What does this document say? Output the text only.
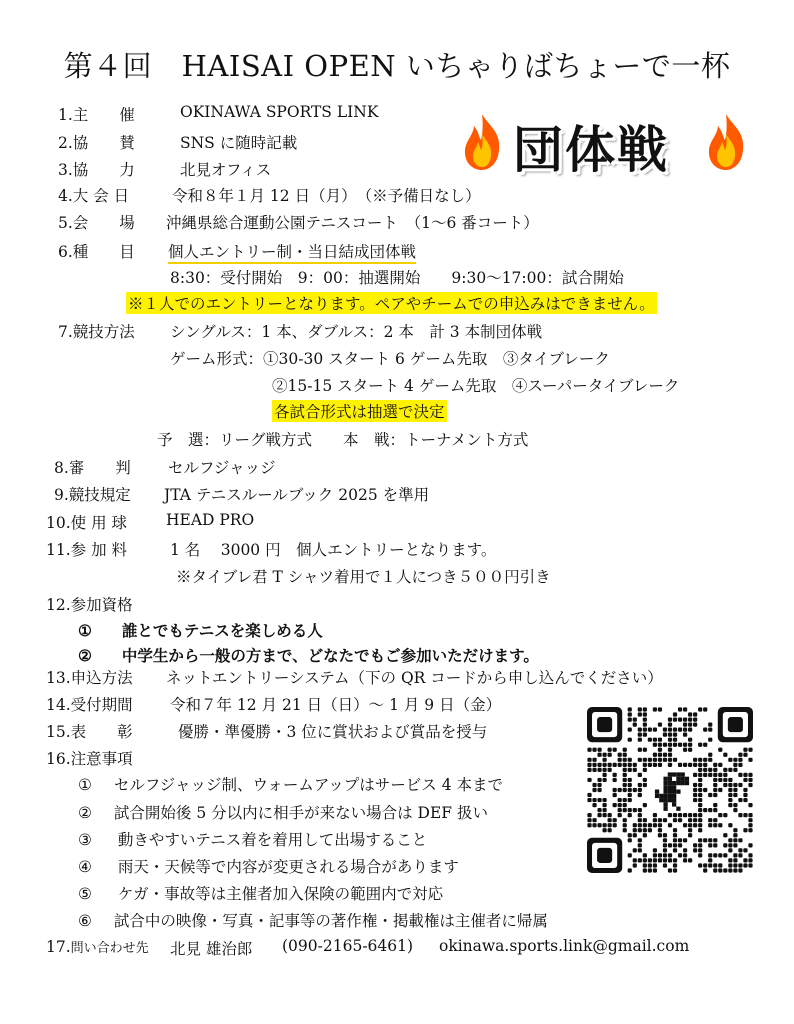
第４回　HAISAI OPEN いちゃりばちょーで一杯
団体戦
1.主　　催	OKINAWA SPORTS LINK
2.協　　賛	SNS に随時記載
3.協　　力	北見オフィス
4.大 会 日	令和８年１月 12 日（月）　（※予備日なし）
5.会　　場 沖縄県総合運動公園テニスコート　（1〜6 番コート）
6.種　　目 個人エントリー制・当日結成団体戦
8:30：受付開始　9：00：抽選開始　　9:30〜17:00：試合開始
※１人でのエントリーとなります。ペアやチームでの申込みはできません。
7.競技方法 シングルス：1 本、ダブルス：2 本　計 3 本制団体戦
ゲーム形式：①30-30 スタート 6 ゲーム先取　③タイブレーク
②15-15 スタート 4 ゲーム先取　④スーパータイブレーク
各試合形式は抽選で決定
予　選：リーグ戦方式　　本　戦：トーナメント方式
8.審　　判 セルフジャッジ
9.競技規定 JTA テニスルールブック 2025 を準用
10.使 用 球	HEAD PRO
11.参 加 料	1 名　 3000 円　個人エントリーとなります。
※タイブレ君 T シャツ着用で１人につき５００円引き
12.参加資格
① 誰とでもテニスを楽しめる人
② 中学生から一般の方まで、どなたでもご参加いただけます。
13.申込方法 ネットエントリーシステム（下の QR コードから申し込んでください）
14.受付期間 令和７年 12 月 21 日（日）〜 1 月 9 日（金）
15.表　　彰	優勝・準優勝・3 位に賞状および賞品を授与
16.注意事項
① セルフジャッジ制、ウォームアップはサービス 4 本まで
② 試合開始後 5 分以内に相手が来ない場合は DEF 扱い
③ 動きやすいテニス着を着用して出場すること
④ 雨天・天候等で内容が変更される場合があります
⑤ ケガ・事故等は主催者加入保険の範囲内で対応
⑥ 試合中の映像・写真・記事等の著作権・掲載権は主催者に帰属
17.問い合わせ先 北見 雄治郎 (090-2165-6461) okinawa.sports.link@gmail.com
